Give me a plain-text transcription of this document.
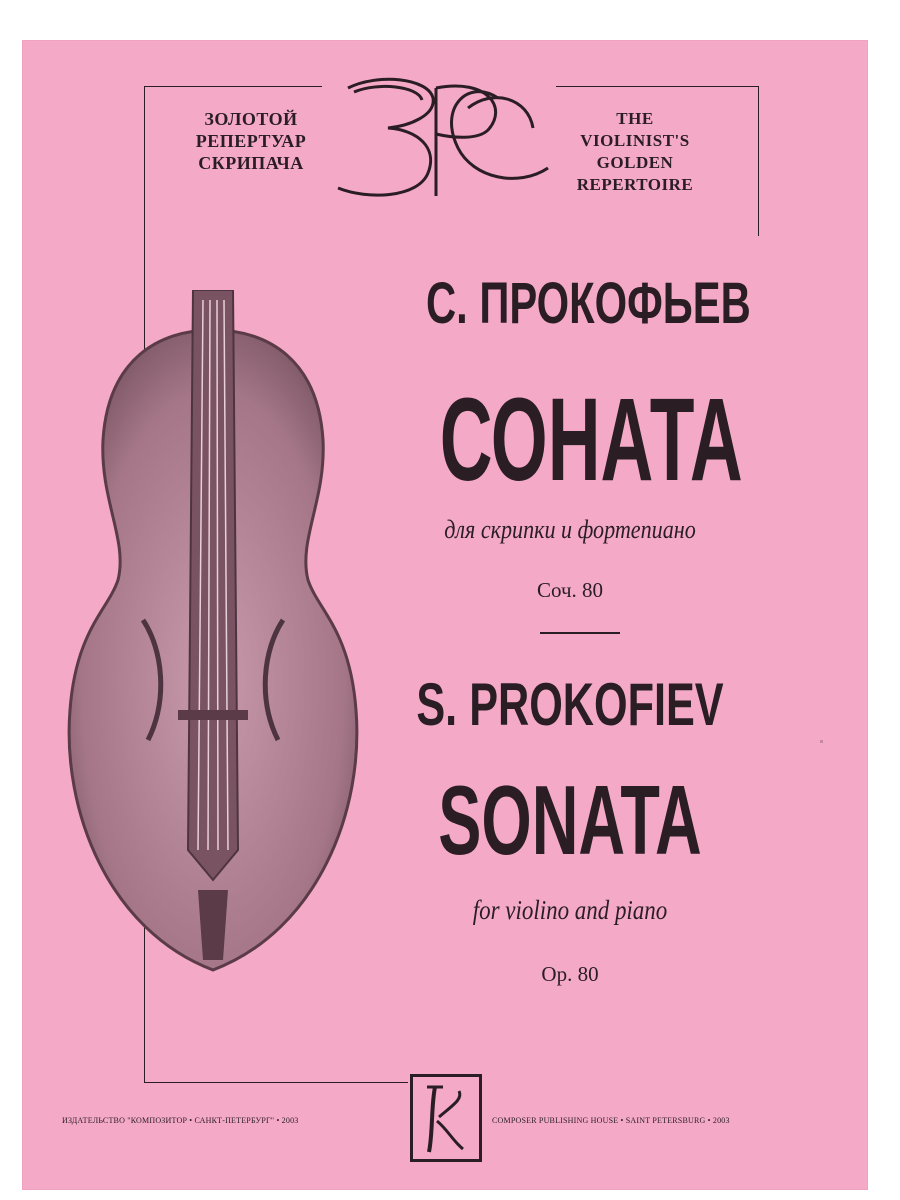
ЗОЛОТОЙ
РЕПЕРТУАР
СКРИПАЧА
ЗРС
THE VIOLINIST'S
GOLDEN
REPERTOIRE
С. ПРОКОФЬЕВ
СОНАТА
для скрипки и фортепиано
Соч. 80
S. PROKOFIEV
SONATA
for violino and piano
Op. 80
ИЗДАТЕЛЬСТВО "КОМПОЗИТОР • САНКТ-ПЕТЕРБУРГ" • 2003	COMPOSER PUBLISHING HOUSE • SAINT PETERSBURG • 2003
